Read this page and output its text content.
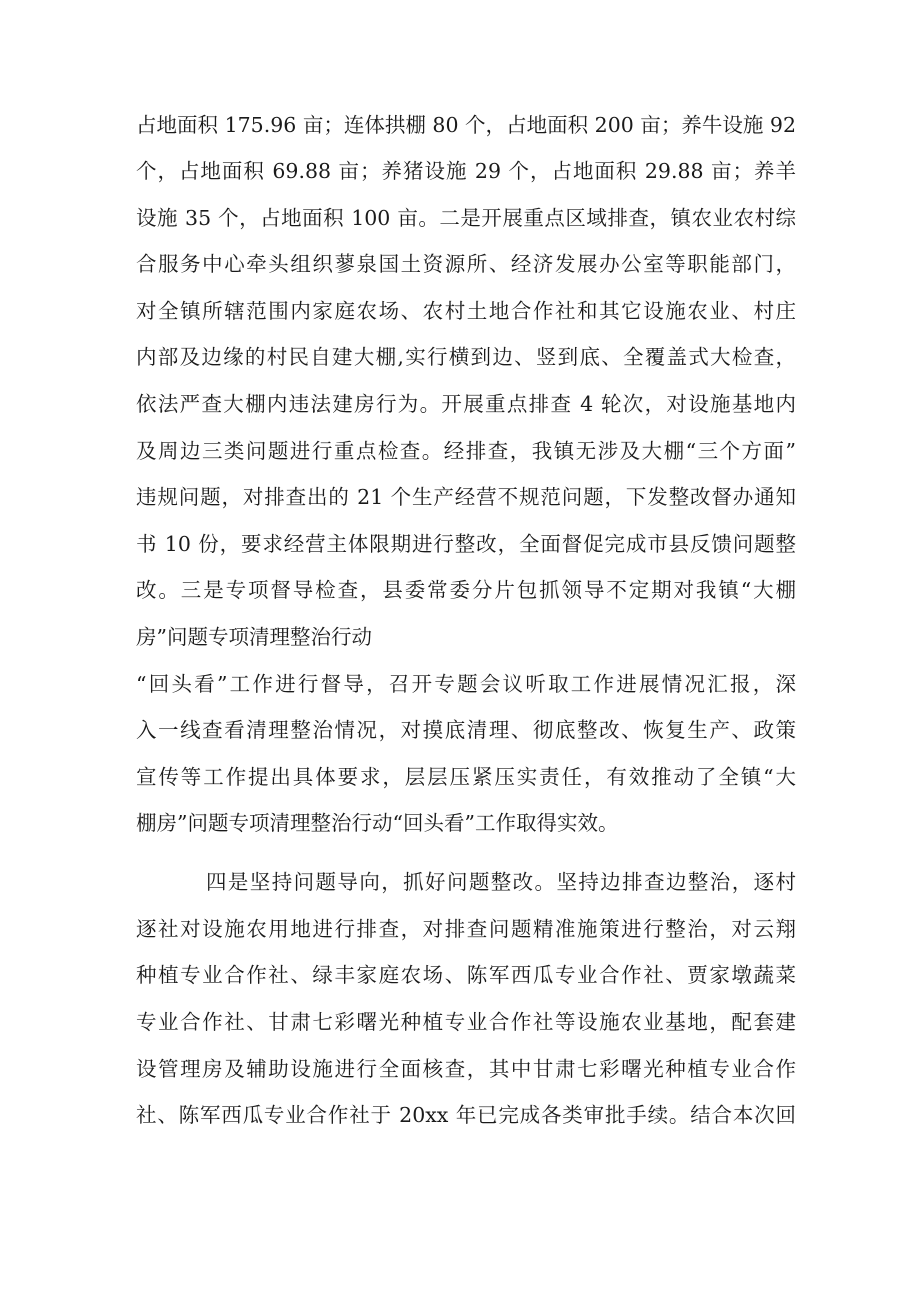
占地面积 175.96 亩；连体拱棚 80 个，占地面积 200 亩；养牛设施 92
个，占地面积 69.88 亩；养猪设施 29 个，占地面积 29.88 亩；养羊
设施 35 个，占地面积 100 亩。二是开展重点区域排查，镇农业农村综
合服务中心牵头组织蓼泉国土资源所、经济发展办公室等职能部门，
对全镇所辖范围内家庭农场、农村土地合作社和其它设施农业、村庄
内部及边缘的村民自建大棚,实行横到边、竖到底、全覆盖式大检查，
依法严查大棚内违法建房行为。开展重点排查 4 轮次，对设施基地内
及周边三类问题进行重点检查。经排查，我镇无涉及大棚“三个方面”
违规问题，对排查出的 21 个生产经营不规范问题，下发整改督办通知
书 10 份，要求经营主体限期进行整改，全面督促完成市县反馈问题整
改。三是专项督导检查，县委常委分片包抓领导不定期对我镇“大棚
房”问题专项清理整治行动
“回头看”工作进行督导，召开专题会议听取工作进展情况汇报，深
入一线查看清理整治情况，对摸底清理、彻底整改、恢复生产、政策
宣传等工作提出具体要求，层层压紧压实责任，有效推动了全镇“大
棚房”问题专项清理整治行动“回头看”工作取得实效。
四是坚持问题导向，抓好问题整改。坚持边排查边整治，逐村
逐社对设施农用地进行排查，对排查问题精准施策进行整治，对云翔
种植专业合作社、绿丰家庭农场、陈军西瓜专业合作社、贾家墩蔬菜
专业合作社、甘肃七彩曙光种植专业合作社等设施农业基地，配套建
设管理房及辅助设施进行全面核查，其中甘肃七彩曙光种植专业合作
社、陈军西瓜专业合作社于 20xx 年已完成各类审批手续。结合本次回
